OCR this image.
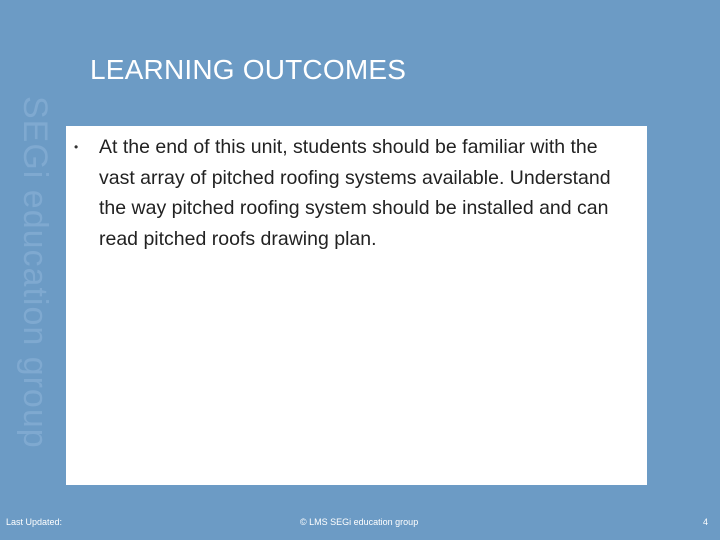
SEGi education group
LEARNING OUTCOMES
• At the end of this unit, students should be familiar with the vast array of pitched roofing systems available. Understand the way pitched roofing system should be installed and can read pitched roofs drawing plan.

Last Updated:	© LMS SEGi education group	4
